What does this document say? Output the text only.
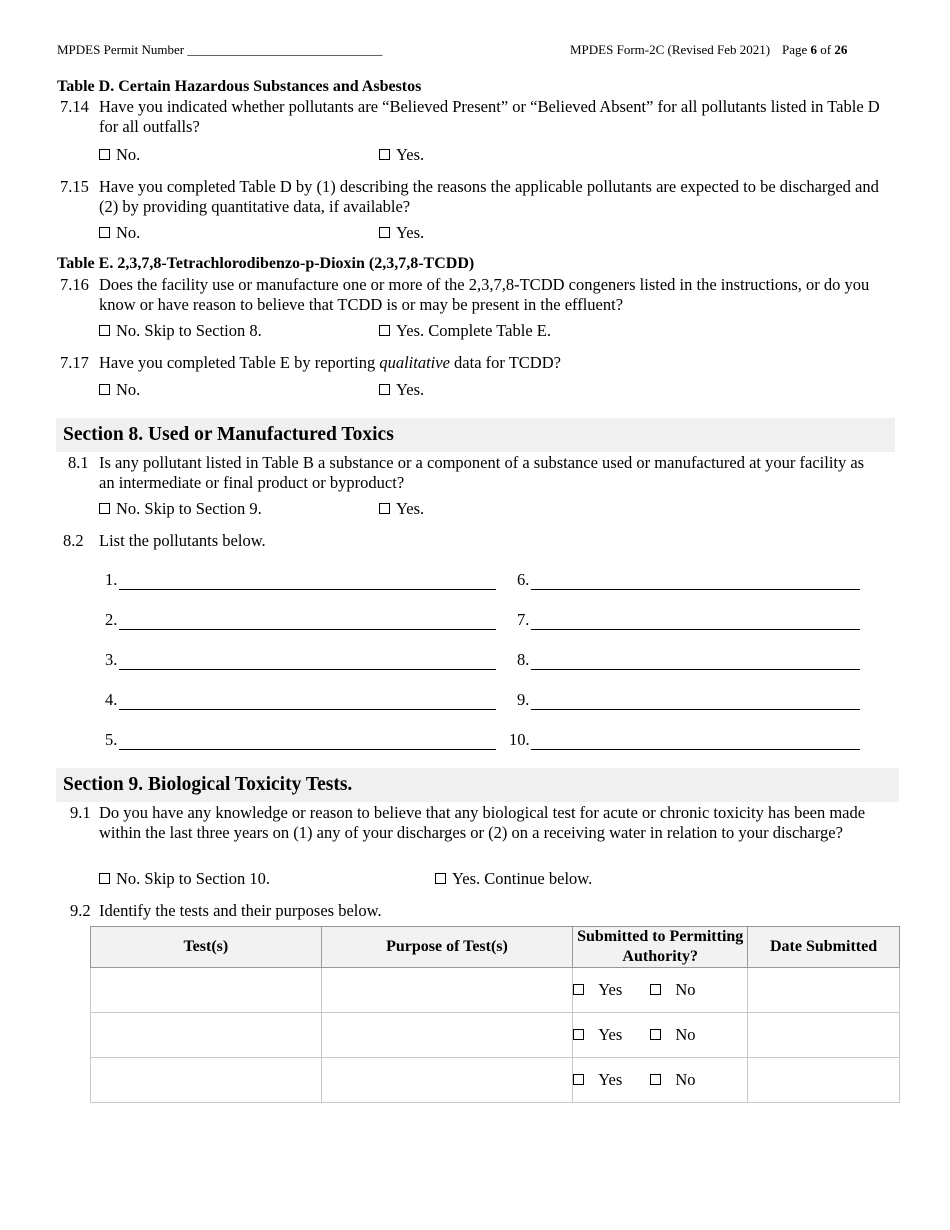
MPDES Permit Number ______________________________	MPDES Form-2C (Revised Feb 2021) Page 6 of 26
Table D. Certain Hazardous Substances and Asbestos
7.14 Have you indicated whether pollutants are “Believed Present” or “Believed Absent” for all pollutants listed in Table D for all outfalls?
No.	Yes.
7.15 Have you completed Table D by (1) describing the reasons the applicable pollutants are expected to be discharged and (2) by providing quantitative data, if available?
No.	Yes.
Table E. 2,3,7,8-Tetrachlorodibenzo-p-Dioxin (2,3,7,8-TCDD)
7.16 Does the facility use or manufacture one or more of the 2,3,7,8-TCDD congeners listed in the instructions, or do you know or have reason to believe that TCDD is or may be present in the effluent?
No. Skip to Section 8.	Yes. Complete Table E.
7.17 Have you completed Table E by reporting qualitative data for TCDD?
No.	Yes.
Section 8. Used or Manufactured Toxics
8.1 Is any pollutant listed in Table B a substance or a component of a substance used or manufactured at your facility as an intermediate or final product or byproduct?
No. Skip to Section 9.	Yes.
8.2 List the pollutants below.
1.
2.
3.
4.
5.
6.
7.
8.
9.
10.
Section 9. Biological Toxicity Tests.
9.1 Do you have any knowledge or reason to believe that any biological test for acute or chronic toxicity has been made within the last three years on (1) any of your discharges or (2) on a receiving water in relation to your discharge?
No. Skip to Section 10.	Yes. Continue below.
9.2 Identify the tests and their purposes below.
Test(s)	Purpose of Test(s)	Submitted to Permitting Authority?	Date Submitted
		Yes No	
		Yes No	
		Yes No	
